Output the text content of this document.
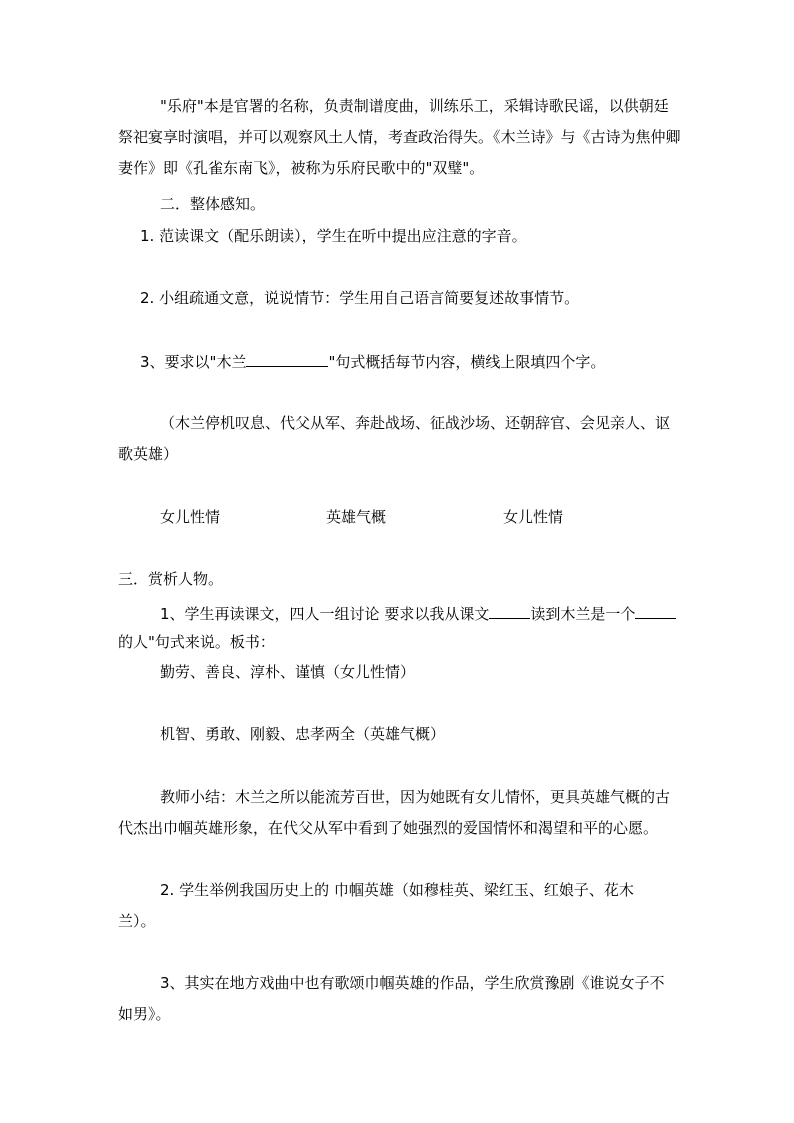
"乐府"本是官署的名称，负责制谱度曲，训练乐工，采辑诗歌民谣，以供朝廷
祭祀宴享时演唱，并可以观察风土人情，考查政治得失。《木兰诗》与《古诗为焦仲卿
妻作》即《孔雀东南飞》，被称为乐府民歌中的"双璧"。
二．整体感知。
1. 范读课文（配乐朗读），学生在听中提出应注意的字音。
2. 小组疏通文意，说说情节：学生用自己语言简要复述故事情节。
3、要求以"木兰	"句式概括每节内容，横线上限填四个字。
（木兰停机叹息、代父从军、奔赴战场、征战沙场、还朝辞官、会见亲人、讴
歌英雄）
女儿性情	英雄气概	女儿性情
三．赏析人物。
1、学生再读课文，四人一组讨论 要求以我从课文	读到木兰是一个
的人"句式来说。板书：
勤劳、善良、淳朴、谨慎（女儿性情）
机智、勇敢、刚毅、忠孝两全（英雄气概）
教师小结：木兰之所以能流芳百世，因为她既有女儿情怀，更具英雄气概的古
代杰出巾帼英雄形象，在代父从军中看到了她强烈的爱国情怀和渴望和平的心愿。
2. 学生举例我国历史上的 巾帼英雄（如穆桂英、梁红玉、红娘子、花木
兰）。
3、其实在地方戏曲中也有歌颂巾帼英雄的作品，学生欣赏豫剧《谁说女子不
如男》。
